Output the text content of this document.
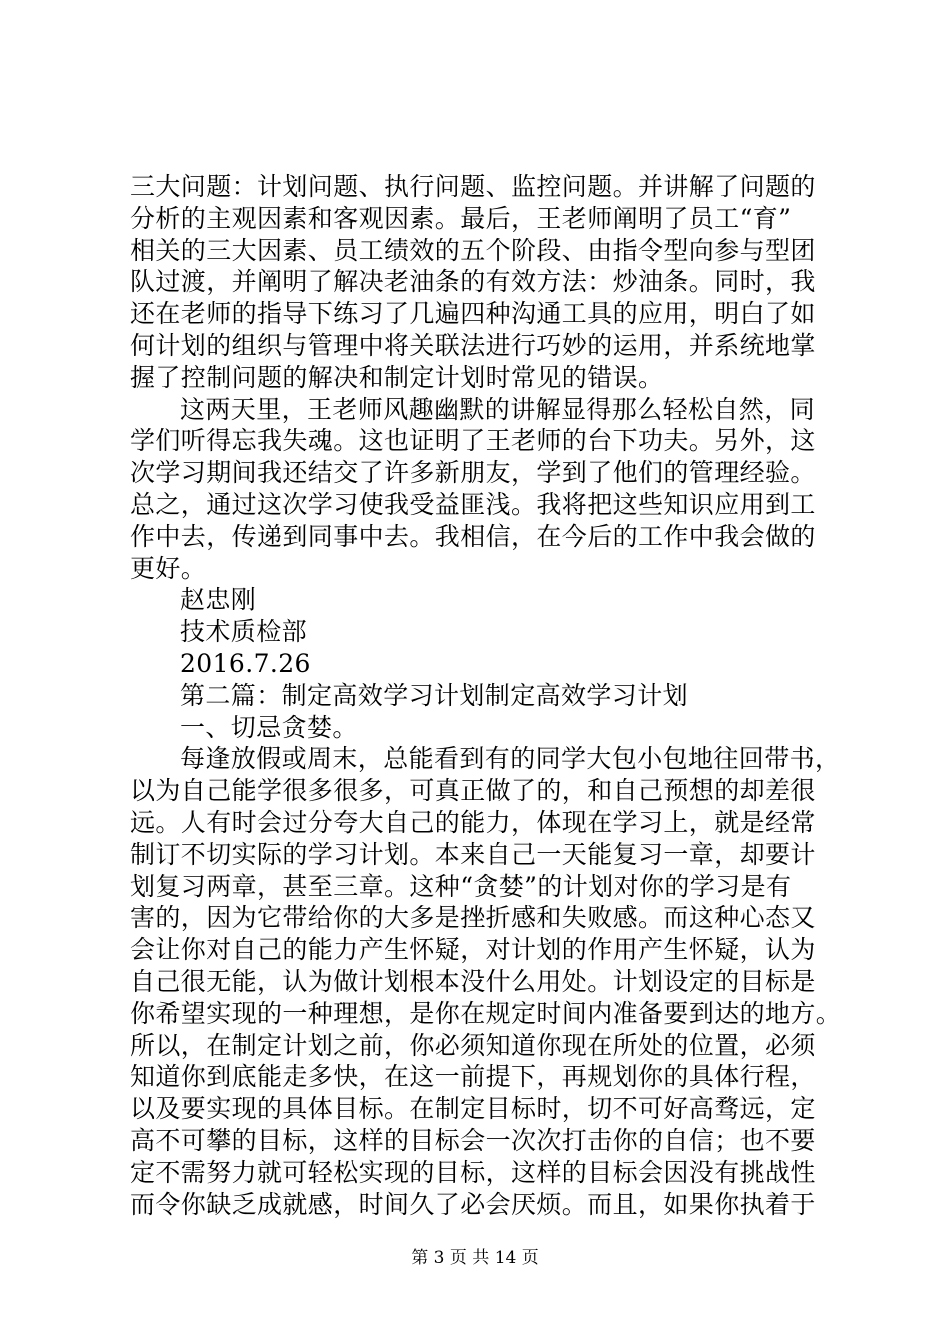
三大问题：计划问题、执行问题、监控问题。并讲解了问题的
分析的主观因素和客观因素。最后，王老师阐明了员工“育”
相关的三大因素、员工绩效的五个阶段、由指令型向参与型团
队过渡，并阐明了解决老油条的有效方法：炒油条。同时，我
还在老师的指导下练习了几遍四种沟通工具的应用，明白了如
何计划的组织与管理中将关联法进行巧妙的运用，并系统地掌
握了控制问题的解决和制定计划时常见的错误。
这两天里，王老师风趣幽默的讲解显得那么轻松自然，同
学们听得忘我失魂。这也证明了王老师的台下功夫。另外，这
次学习期间我还结交了许多新朋友，学到了他们的管理经验。
总之，通过这次学习使我受益匪浅。我将把这些知识应用到工
作中去，传递到同事中去。我相信，在今后的工作中我会做的
更好。
赵忠刚
技术质检部
2016.7.26
第二篇：制定高效学习计划制定高效学习计划
一、切忌贪婪。
每逢放假或周末，总能看到有的同学大包小包地往回带书，
以为自己能学很多很多，可真正做了的，和自己预想的却差很
远。人有时会过分夸大自己的能力，体现在学习上，就是经常
制订不切实际的学习计划。本来自己一天能复习一章，却要计
划复习两章，甚至三章。这种“贪婪”的计划对你的学习是有
害的，因为它带给你的大多是挫折感和失败感。而这种心态又
会让你对自己的能力产生怀疑，对计划的作用产生怀疑，认为
自己很无能，认为做计划根本没什么用处。计划设定的目标是
你希望实现的一种理想，是你在规定时间内准备要到达的地方。
所以，在制定计划之前，你必须知道你现在所处的位置，必须
知道你到底能走多快，在这一前提下，再规划你的具体行程，
以及要实现的具体目标。在制定目标时，切不可好高骛远，定
高不可攀的目标，这样的目标会一次次打击你的自信；也不要
定不需努力就可轻松实现的目标，这样的目标会因没有挑战性
而令你缺乏成就感，时间久了必会厌烦。而且，如果你执着于
第 3 页 共 14 页
